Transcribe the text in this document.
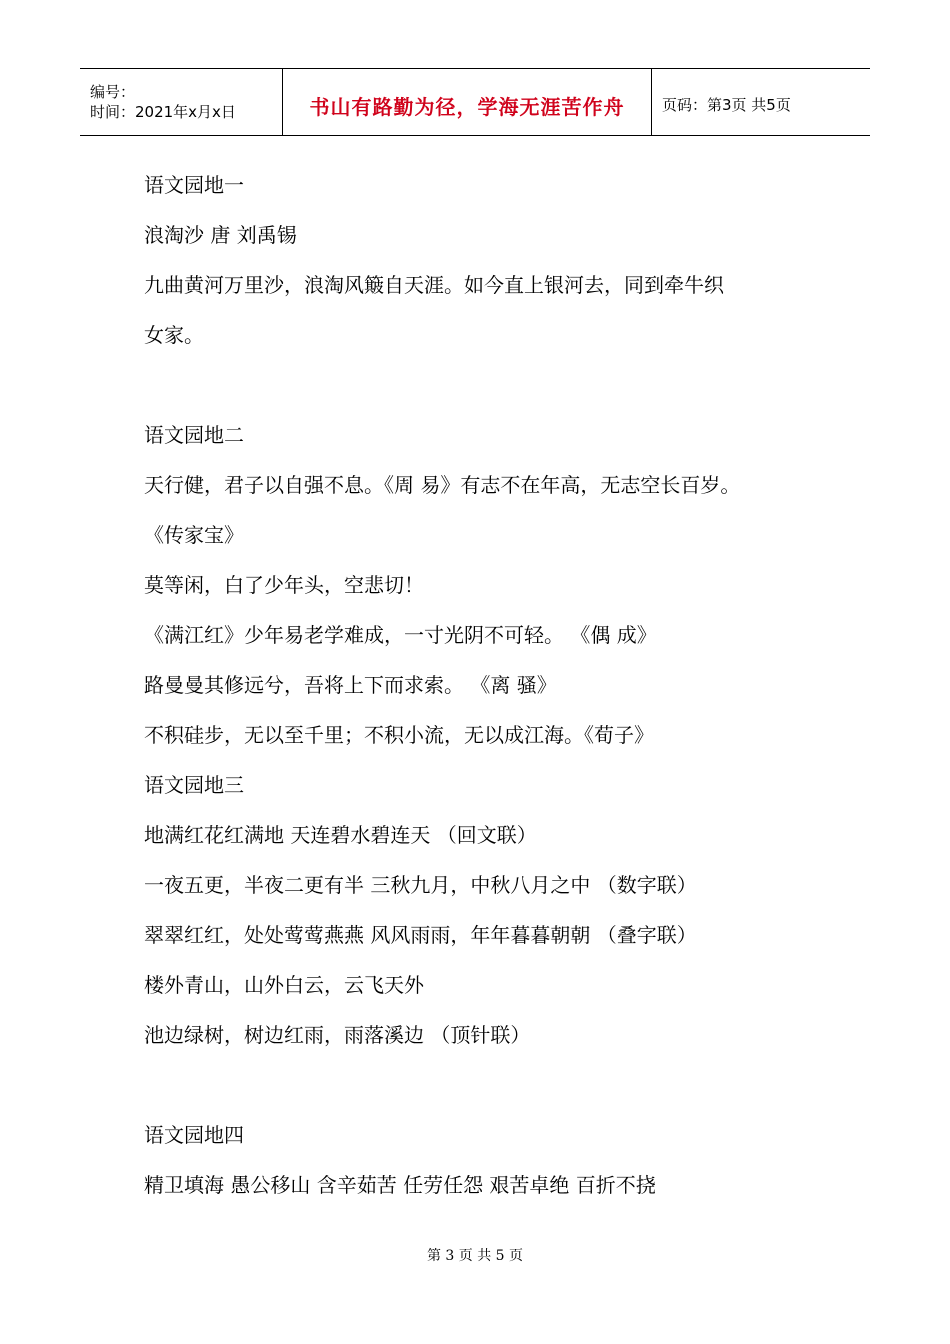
编号：
时间：2021年x月x日	书山有路勤为径，学海无涯苦作舟	页码：第3页 共5页
语文园地一
浪淘沙 唐 刘禹锡
九曲黄河万里沙，浪淘风簸自天涯。如今直上银河去，同到牵牛织
女家。
语文园地二
天行健，君子以自强不息。《周 易》有志不在年高，无志空长百岁。
《传家宝》
莫等闲，白了少年头，空悲切！
《满江红》少年易老学难成，一寸光阴不可轻。 《偶 成》
路曼曼其修远兮，吾将上下而求索。 《离 骚》
不积硅步，无以至千里；不积小流，无以成江海。《荀子》
语文园地三
地满红花红满地 天连碧水碧连天 （回文联）
一夜五更，半夜二更有半 三秋九月，中秋八月之中 （数字联）
翠翠红红，处处莺莺燕燕 风风雨雨，年年暮暮朝朝 （叠字联）
楼外青山，山外白云，云飞天外
池边绿树，树边红雨，雨落溪边 （顶针联）
语文园地四
精卫填海 愚公移山 含辛茹苦 任劳任怨 艰苦卓绝 百折不挠
第 3 页 共 5 页
